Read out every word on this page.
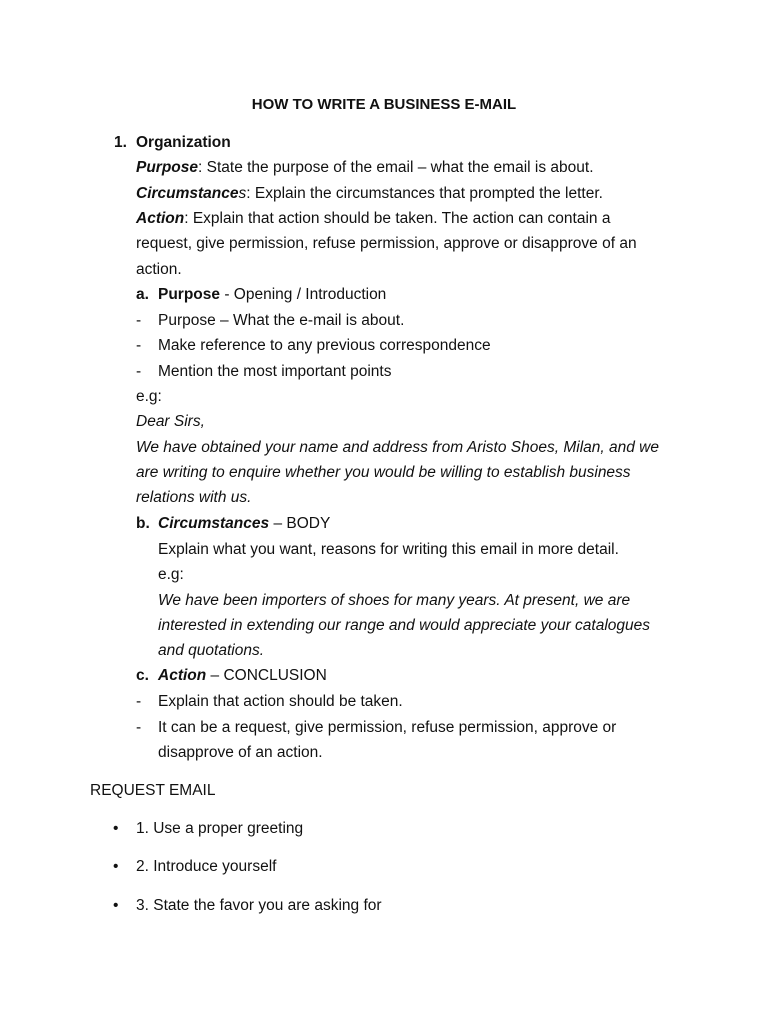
HOW TO WRITE A BUSINESS E-MAIL
1. Organization
Purpose: State the purpose of the email – what the email is about.
Circumstances: Explain the circumstances that prompted the letter.
Action: Explain that action should be taken. The action can contain a
request, give permission, refuse permission, approve or disapprove of an
action.
a. Purpose - Opening / Introduction
- Purpose – What the e-mail is about.
- Make reference to any previous correspondence
- Mention the most important points
e.g:
Dear Sirs,
We have obtained your name and address from Aristo Shoes, Milan, and we
are writing to enquire whether you would be willing to establish business
relations with us.
b. Circumstances – BODY
Explain what you want, reasons for writing this email in more detail.
e.g:
We have been importers of shoes for many years. At present, we are
interested in extending our range and would appreciate your catalogues
and quotations.
c. Action – CONCLUSION
- Explain that action should be taken.
- It can be a request, give permission, refuse permission, approve or
disapprove of an action.
REQUEST EMAIL
• 1. Use a proper greeting
• 2. Introduce yourself
• 3. State the favor you are asking for
